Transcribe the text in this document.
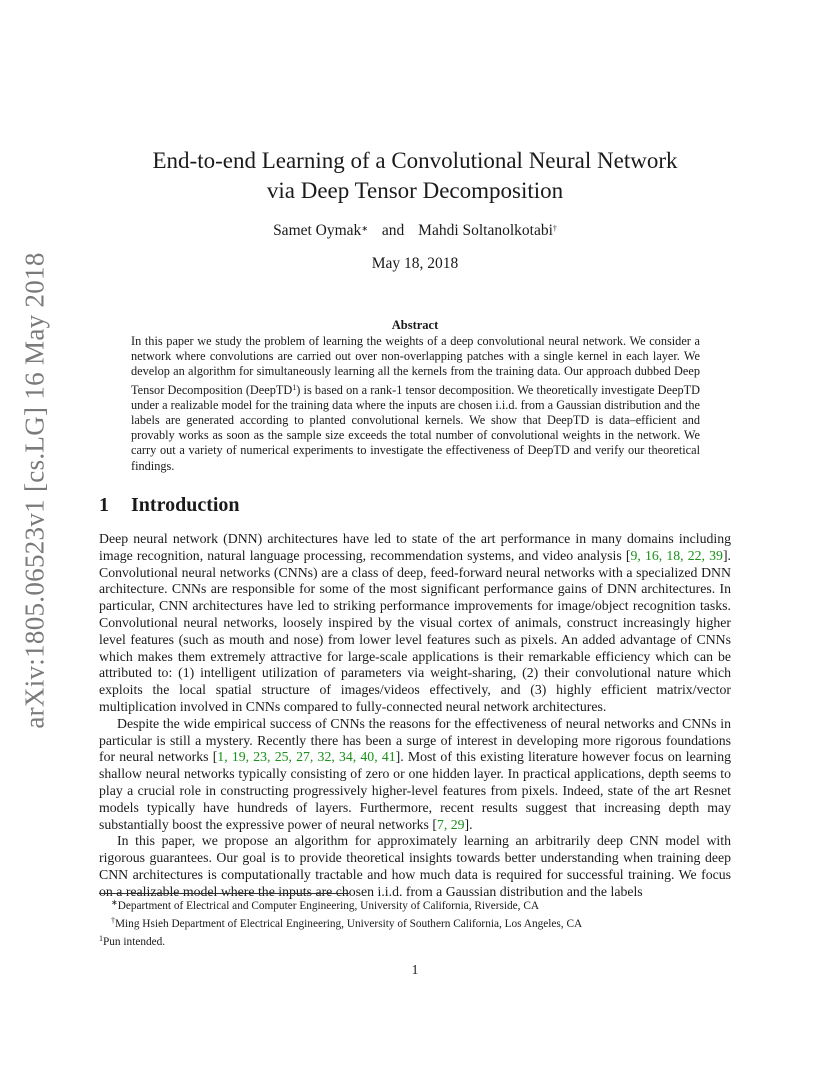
arXiv:1805.06523v1 [cs.LG] 16 May 2018
End-to-end Learning of a Convolutional Neural Network
via Deep Tensor Decomposition
Samet Oymak∗ and Mahdi Soltanolkotabi†
May 18, 2018
Abstract
In this paper we study the problem of learning the weights of a deep convolutional neural network. We consider a network where convolutions are carried out over non-overlapping patches with a single kernel in each layer. We develop an algorithm for simultaneously learning all the kernels from the training data. Our approach dubbed Deep Tensor Decomposition (DeepTD$^1$) is based on a rank-1 tensor decomposition. We theoretically investigate DeepTD under a realizable model for the training data where the inputs are chosen i.i.d. from a Gaussian distribution and the labels are generated according to planted convolutional kernels. We show that DeepTD is data–efficient and provably works as soon as the sample size exceeds the total number of convolutional weights in the network. We carry out a variety of numerical experiments to investigate the effectiveness of DeepTD and verify our theoretical findings.
1 Introduction

Deep neural network (DNN) architectures have led to state of the art performance in many domains including image recognition, natural language processing, recommendation systems, and video analysis [9, 16, 18, 22, 39]. Convolutional neural networks (CNNs) are a class of deep, feed-forward neural networks with a specialized DNN architecture. CNNs are responsible for some of the most significant performance gains of DNN architectures. In particular, CNN architectures have led to striking performance improvements for image/object recognition tasks. Convolutional neural networks, loosely inspired by the visual cortex of animals, construct increasingly higher level features (such as mouth and nose) from lower level features such as pixels. An added advantage of CNNs which makes them extremely attractive for large-scale applications is their remarkable efficiency which can be attributed to: (1) intelligent utilization of parameters via weight-sharing, (2) their convolutional nature which exploits the local spatial structure of images/videos effectively, and (3) highly efficient matrix/vector multiplication involved in CNNs compared to fully-connected neural network architectures.

Despite the wide empirical success of CNNs the reasons for the effectiveness of neural networks and CNNs in particular is still a mystery. Recently there has been a surge of interest in developing more rigorous foundations for neural networks [1, 19, 23, 25, 27, 32, 34, 40, 41]. Most of this existing literature however focus on learning shallow neural networks typically consisting of zero or one hidden layer. In practical applications, depth seems to play a crucial role in constructing progressively higher-level features from pixels. Indeed, state of the art Resnet models typically have hundreds of layers. Furthermore, recent results suggest that increasing depth may substantially boost the expressive power of neural networks [7, 29].

In this paper, we propose an algorithm for approximately learning an arbitrarily deep CNN model with rigorous guarantees. Our goal is to provide theoretical insights towards better understanding when training deep CNN architectures is computationally tractable and how much data is required for successful training. We focus on a realizable model where the inputs are chosen i.i.d. from a Gaussian distribution and the labels

∗Department of Electrical and Computer Engineering, University of California, Riverside, CA
†Ming Hsieh Department of Electrical Engineering, University of Southern California, Los Angeles, CA
$^1$Pun intended.
1
